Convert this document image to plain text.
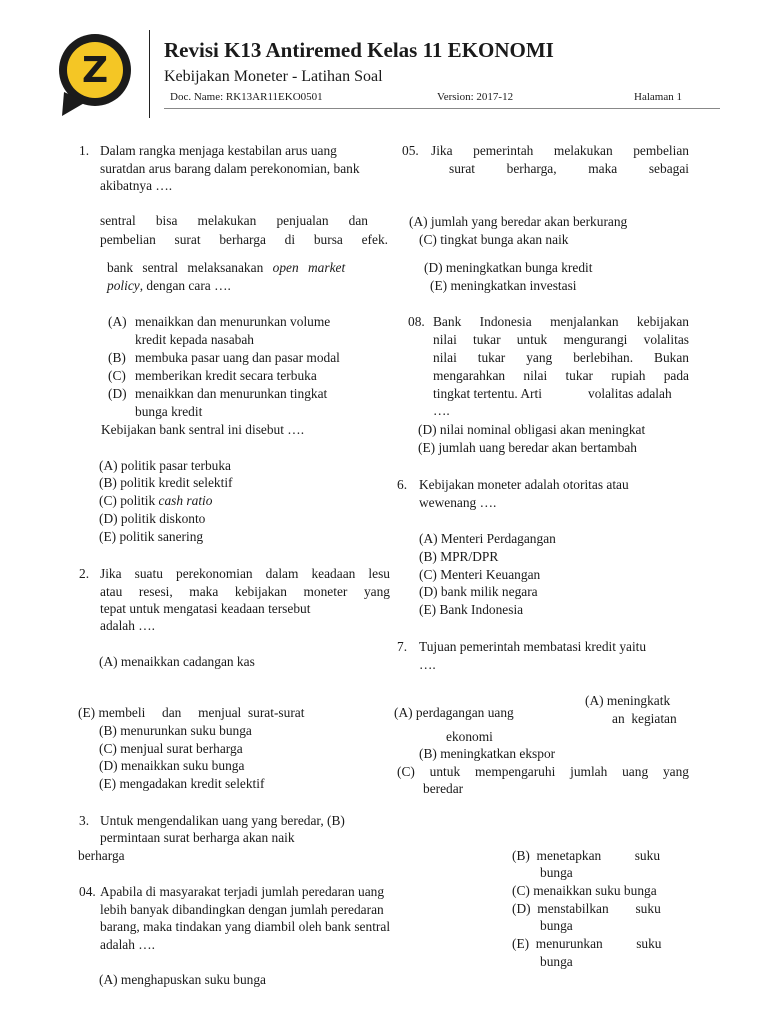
Z	Revisi K13 Antiremed Kelas 11 EKONOMI
Kebijakan Moneter - Latihan Soal
Doc. Name: RK13AR11EKO0501	Version: 2017-12	Halaman 1
1. Dalam rangka menjaga kestabilan arus uang
suratdan arus barang dalam perekonomian, bank
akibatnya ….
sentral bisa melakukan penjualan dan
pembelian surat berharga di bursa efek.
bank sentral melaksanakan open market
policy, dengan cara ….
(A) menaikkan dan menurunkan volume
kredit kepada nasabah
(B) membuka pasar uang dan pasar modal
(C) memberikan kredit secara terbuka
(D) menaikkan dan menurunkan tingkat
bunga kredit
Kebijakan bank sentral ini disebut ….
(A) politik pasar terbuka
(B) politik kredit selektif
(C) politik cash ratio
(D) politik diskonto
(E) politik sanering
2. Jika suatu perekonomian dalam keadaan lesu
atau resesi, maka kebijakan moneter yang
tepat untuk mengatasi keadaan tersebut
adalah ….
(A) menaikkan cadangan kas
(E) membeli     dan     menjual  surat-surat
(B) menurunkan suku bunga
(C) menjual surat berharga
(D) menaikkan suku bunga
(E) mengadakan kredit selektif
3. Untuk mengendalikan uang yang beredar, (B)
permintaan surat berharga akan naik
berharga
04. Apabila di masyarakat terjadi jumlah peredaran uang
lebih banyak dibandingkan dengan jumlah peredaran
barang, maka tindakan yang diambil oleh bank sentral
adalah ….
(A) menghapuskan suku bunga
05. Jika pemerintah melakukan pembelian
surat berharga, maka sebagai
(A) jumlah yang beredar akan berkurang
(C) tingkat bunga akan naik
(D) meningkatkan bunga kredit
(E) meningkatkan investasi
08. Bank Indonesia menjalankan kebijakan
nilai tukar untuk mengurangi volalitas
nilai tukar yang berlebihan. Bukan
mengarahkan nilai tukar rupiah pada
tingkat tertentu. Arti	volalitas adalah
….
(D) nilai nominal obligasi akan meningkat
(E) jumlah uang beredar akan bertambah
6. Kebijakan moneter adalah otoritas atau
wewenang ….
(A) Menteri Perdagangan
(B) MPR/DPR
(C) Menteri Keuangan
(D) bank milik negara
(E) Bank Indonesia
7. Tujuan pemerintah membatasi kredit yaitu
….
(A) perdagangan uang
(A) meningkatk
an  kegiatan
ekonomi
(B) meningkatkan ekspor
(C) untuk mempengaruhi jumlah uang yang
beredar
(B)  menetapkan          suku
bunga
(C) menaikkan suku bunga
(D)  menstabilkan        suku
bunga
(E)  menurunkan          suku
bunga
